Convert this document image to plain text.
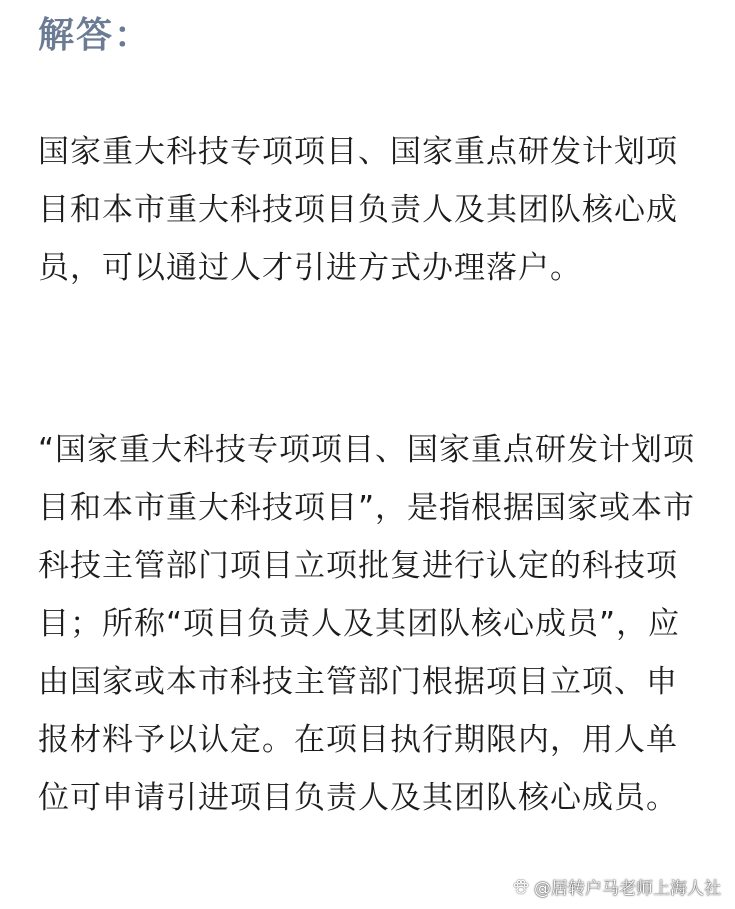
解答：

国家重大科技专项项目、国家重点研发计划项目和本市重大科技项目负责人及其团队核心成员，可以通过人才引进方式办理落户。

“国家重大科技专项项目、国家重点研发计划项目和本市重大科技项目”，是指根据国家或本市科技主管部门项目立项批复进行认定的科技项目；所称“项目负责人及其团队核心成员”，应由国家或本市科技主管部门根据项目立项、申报材料予以认定。在项目执行期限内，用人单位可申请引进项目负责人及其团队核心成员。

@居转户马老师上海人社
